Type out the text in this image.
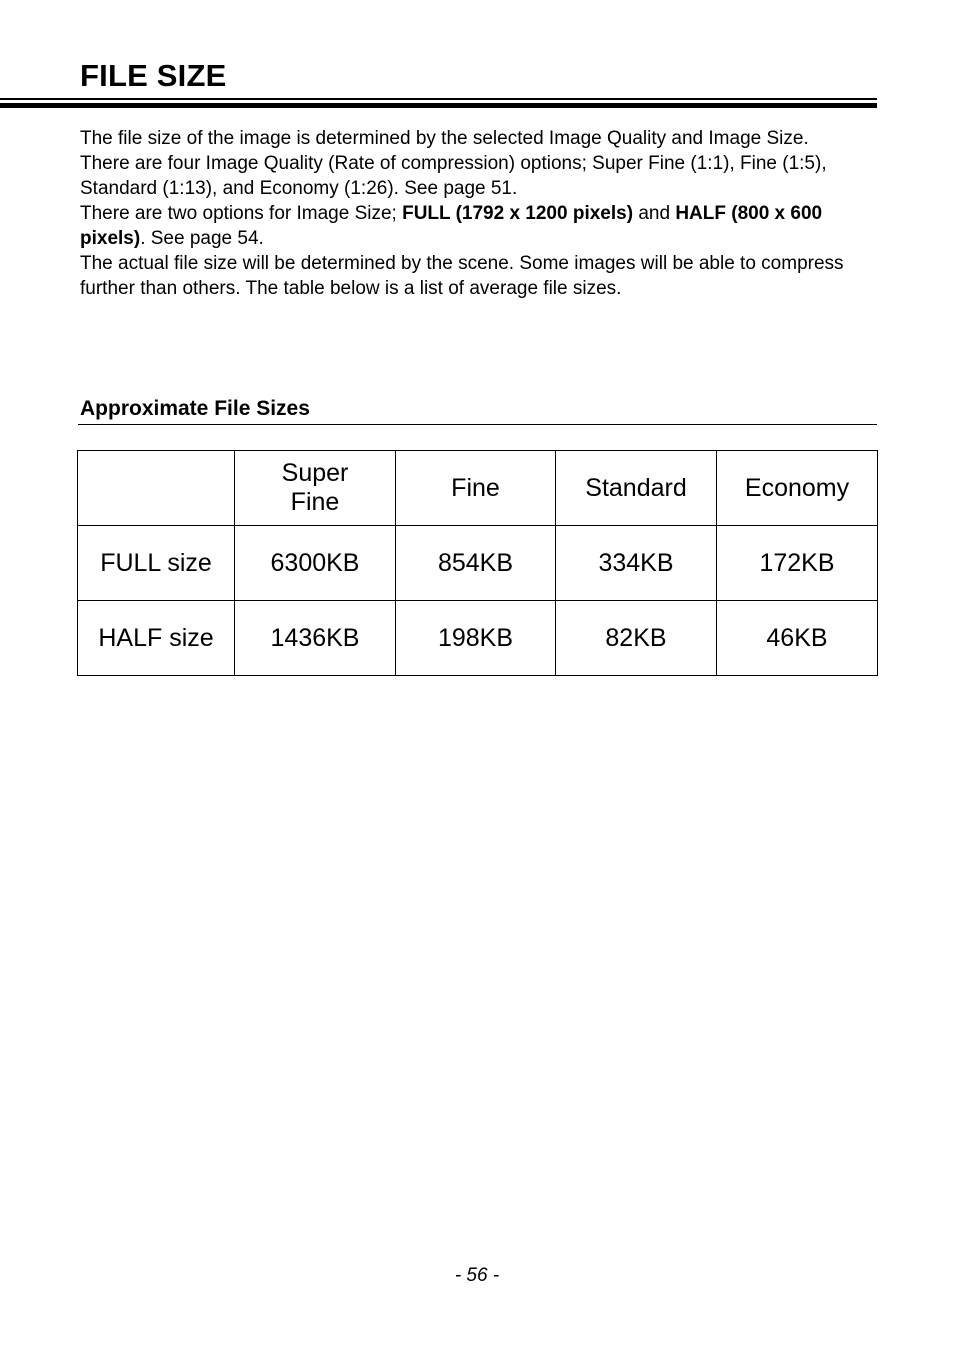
FILE SIZE

The file size of the image is determined by the selected Image Quality and Image Size.

There are four Image Quality (Rate of compression) options; Super Fine (1:1), Fine (1:5), Standard (1:13), and Economy (1:26). See page 51.

There are two options for Image Size; FULL (1792 x 1200 pixels) and HALF (800 x 600 pixels). See page 54.

The actual file size will be determined by the scene. Some images will be able to compress further than others. The table below is a list of average file sizes.

Approximate File Sizes
	Super Fine	Fine	Standard	Economy
FULL size	6300KB	854KB	334KB	172KB
HALF size	1436KB	198KB	82KB	46KB
- 56 -
